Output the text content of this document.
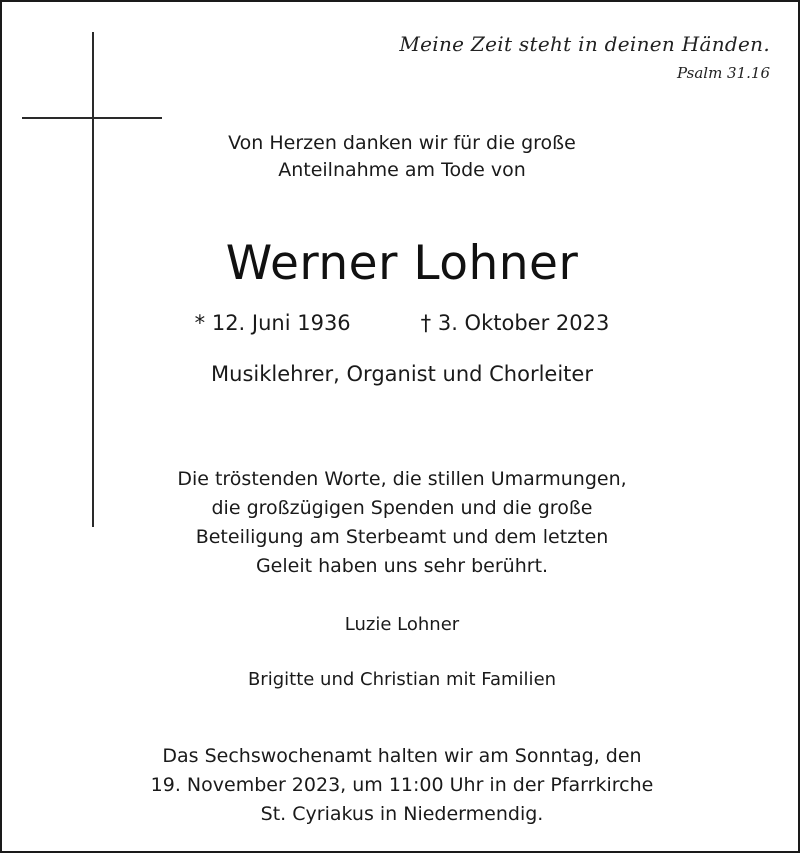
Meine Zeit steht in deinen Händen.
Psalm 31.16
Von Herzen danken wir für die große
Anteilnahme am Tode von
Werner Lohner
* 12. Juni 1936	† 3. Oktober 2023
Musiklehrer, Organist und Chorleiter
Die tröstenden Worte, die stillen Umarmungen,
die großzügigen Spenden und die große
Beteiligung am Sterbeamt und dem letzten
Geleit haben uns sehr berührt.
Luzie Lohner
Brigitte und Christian mit Familien
Das Sechswochenamt halten wir am Sonntag, den
19. November 2023, um 11:00 Uhr in der Pfarrkirche
St. Cyriakus in Niedermendig.
